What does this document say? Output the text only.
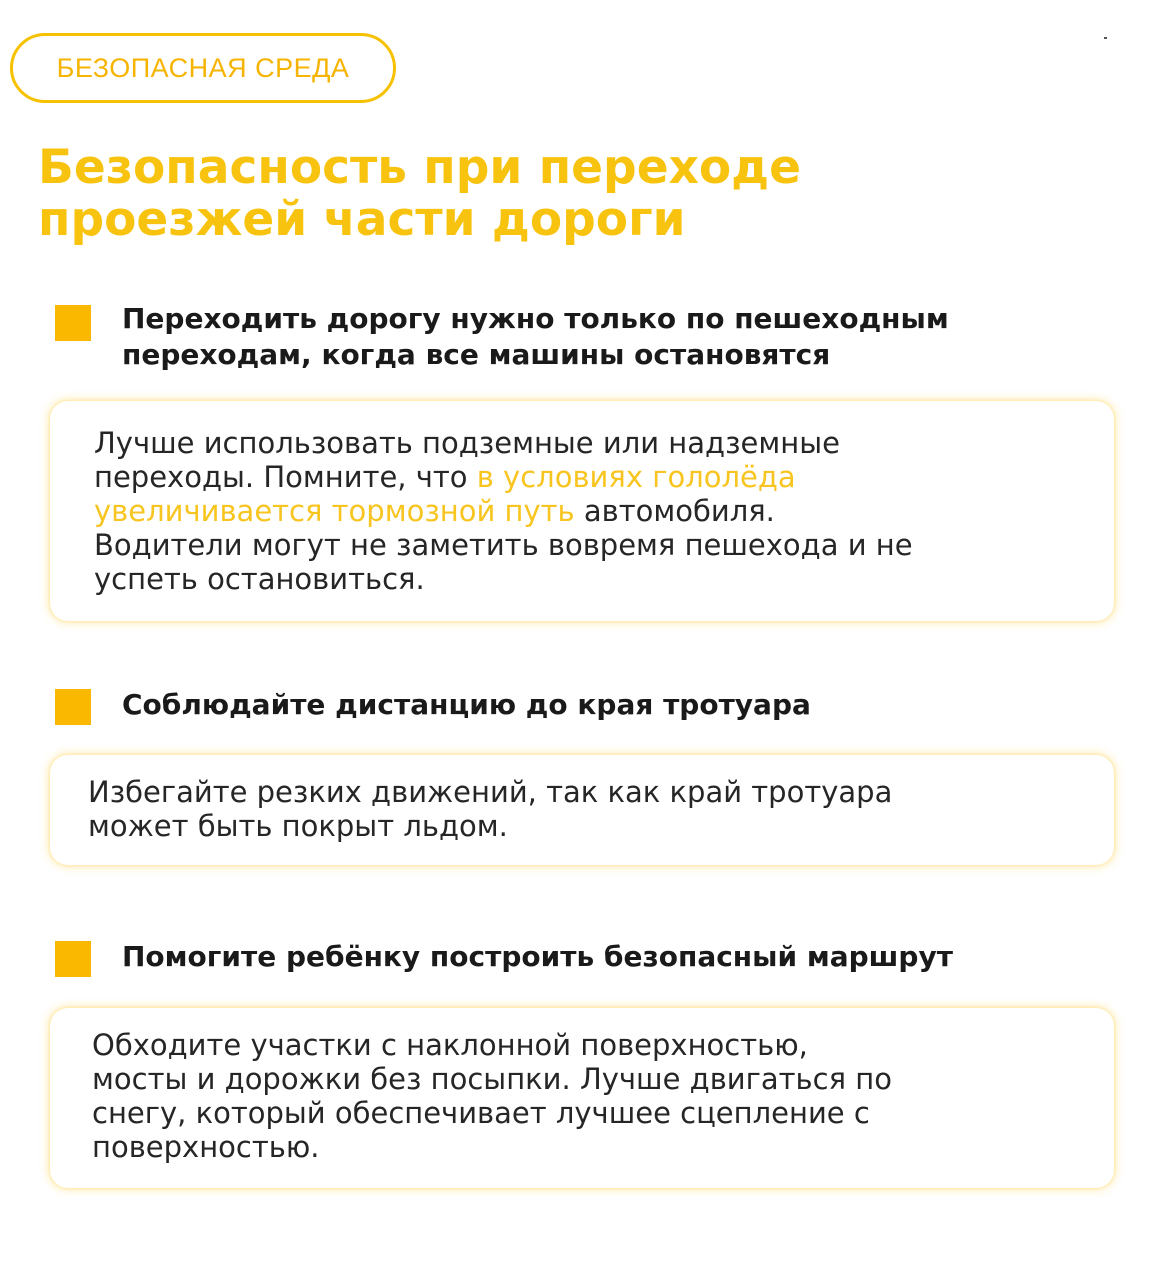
БЕЗОПАСНАЯ СРЕДА
Безопасность при переходе
проезжей части дороги
Переходить дорогу нужно только по пешеходным
переходам, когда все машины остановятся

Лучше использовать подземные или надземные
переходы. Помните, что в условиях гололёда
увеличивается тормозной путь автомобиля.
Водители могут не заметить вовремя пешехода и не
успеть остановиться.

Соблюдайте дистанцию до края тротуара

Избегайте резких движений, так как край тротуара
может быть покрыт льдом.

Помогите ребёнку построить безопасный маршрут

Обходите участки с наклонной поверхностью,
мосты и дорожки без посыпки. Лучше двигаться по
снегу, который обеспечивает лучшее сцепление с
поверхностью.
